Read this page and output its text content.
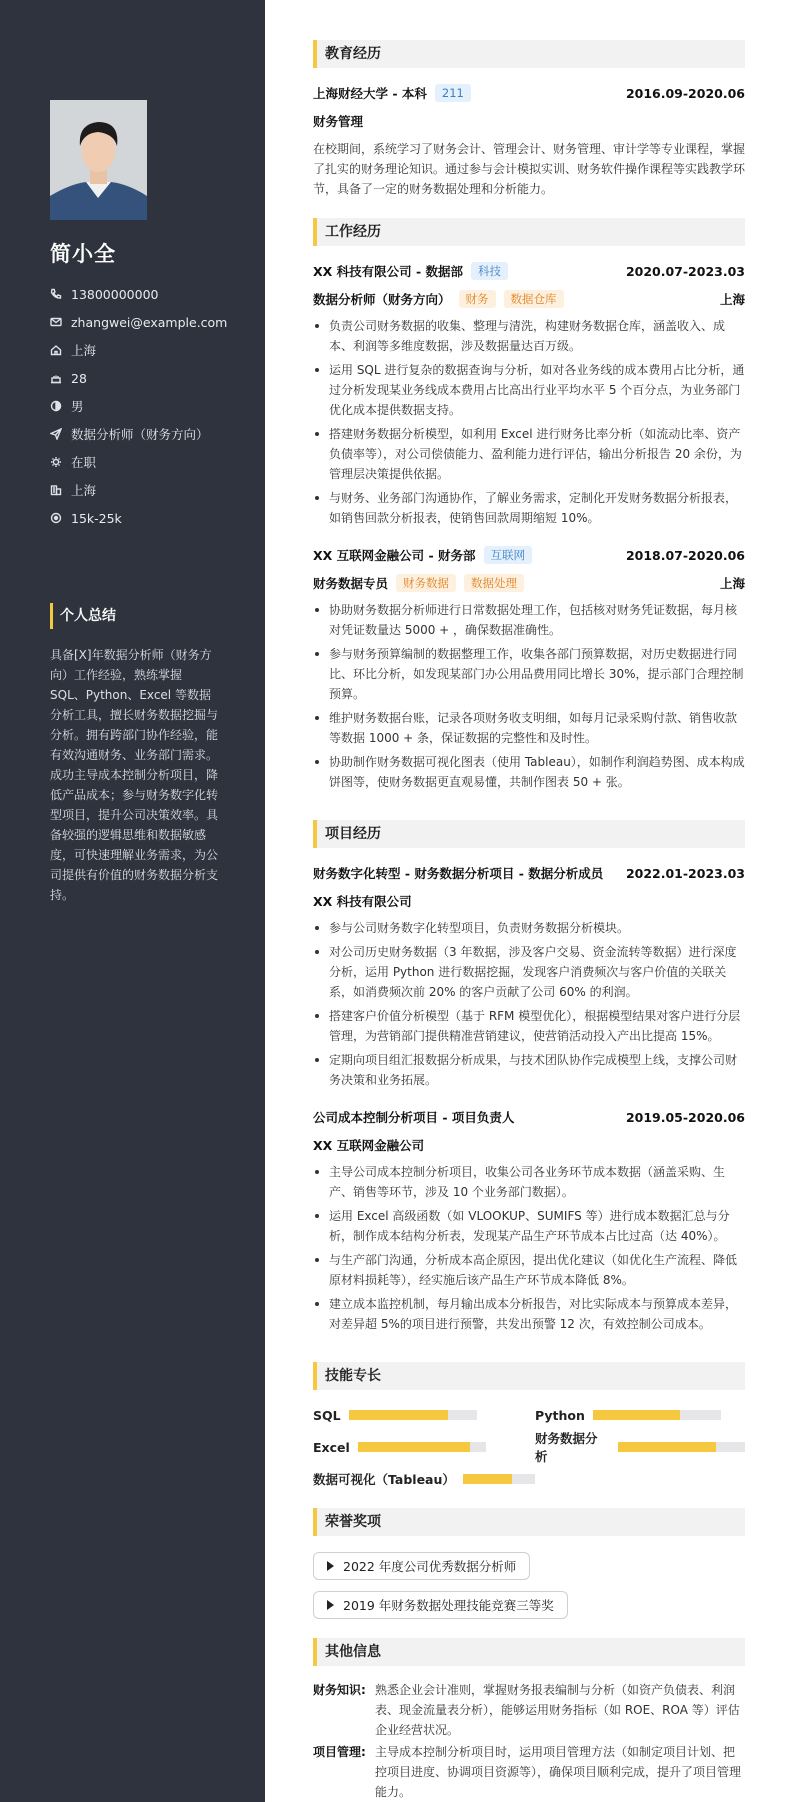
简小全
13800000000
zhangwei@example.com
上海
28
男
数据分析师（财务方向）
在职
上海
15k-25k
个人总结
具备[X]年数据分析师（财务方向）工作经验，熟练掌握 SQL、Python、Excel 等数据分析工具，擅长财务数据挖掘与分析。拥有跨部门协作经验，能有效沟通财务、业务部门需求。成功主导成本控制分析项目，降低产品成本；参与财务数字化转型项目，提升公司决策效率。具备较强的逻辑思维和数据敏感度，可快速理解业务需求，为公司提供有价值的财务数据分析支持。
教育经历
上海财经大学 - 本科	211	2016.09-2020.06
财务管理
在校期间，系统学习了财务会计、管理会计、财务管理、审计学等专业课程，掌握了扎实的财务理论知识。通过参与会计模拟实训、财务软件操作课程等实践教学环节，具备了一定的财务数据处理和分析能力。
工作经历
XX 科技有限公司 - 数据部	科技	2020.07-2023.03
数据分析师（财务方向）	财务	数据仓库	上海
负责公司财务数据的收集、整理与清洗，构建财务数据仓库，涵盖收入、成本、利润等多维度数据，涉及数据量达百万级。
运用 SQL 进行复杂的数据查询与分析，如对各业务线的成本费用占比分析，通过分析发现某业务线成本费用占比高出行业平均水平 5 个百分点，为业务部门优化成本提供数据支持。
搭建财务数据分析模型，如利用 Excel 进行财务比率分析（如流动比率、资产负债率等），对公司偿债能力、盈利能力进行评估，输出分析报告 20 余份，为管理层决策提供依据。
与财务、业务部门沟通协作，了解业务需求，定制化开发财务数据分析报表，如销售回款分析报表，使销售回款周期缩短 10%。
XX 互联网金融公司 - 财务部	互联网	2018.07-2020.06
财务数据专员	财务数据	数据处理	上海
协助财务数据分析师进行日常数据处理工作，包括核对财务凭证数据，每月核对凭证数量达 5000 + ，确保数据准确性。
参与财务预算编制的数据整理工作，收集各部门预算数据，对历史数据进行同比、环比分析，如发现某部门办公用品费用同比增长 30%，提示部门合理控制预算。
维护财务数据台账，记录各项财务收支明细，如每月记录采购付款、销售收款等数据 1000 + 条，保证数据的完整性和及时性。
协助制作财务数据可视化图表（使用 Tableau），如制作利润趋势图、成本构成饼图等，使财务数据更直观易懂，共制作图表 50 + 张。
项目经历
财务数字化转型 - 财务数据分析项目 - 数据分析成员 2022.01-2023.03
XX 科技有限公司
参与公司财务数字化转型项目，负责财务数据分析模块。
对公司历史财务数据（3 年数据，涉及客户交易、资金流转等数据）进行深度分析，运用 Python 进行数据挖掘，发现客户消费频次与客户价值的关联关系，如消费频次前 20% 的客户贡献了公司 60% 的利润。
搭建客户价值分析模型（基于 RFM 模型优化），根据模型结果对客户进行分层管理，为营销部门提供精准营销建议，使营销活动投入产出比提高 15%。
定期向项目组汇报数据分析成果，与技术团队协作完成模型上线，支撑公司财务决策和业务拓展。
公司成本控制分析项目 - 项目负责人	2019.05-2020.06
XX 互联网金融公司
主导公司成本控制分析项目，收集公司各业务环节成本数据（涵盖采购、生产、销售等环节，涉及 10 个业务部门数据）。
运用 Excel 高级函数（如 VLOOKUP、SUMIFS 等）进行成本数据汇总与分析，制作成本结构分析表，发现某产品生产环节成本占比过高（达 40%）。
与生产部门沟通，分析成本高企原因，提出优化建议（如优化生产流程、降低原材料损耗等），经实施后该产品生产环节成本降低 8%。
建立成本监控机制，每月输出成本分析报告，对比实际成本与预算成本差异，对差异超 5%的项目进行预警，共发出预警 12 次，有效控制公司成本。
技能专长
SQL	Python
Excel
财务数据分析
数据可视化（Tableau）
荣誉奖项
2022 年度公司优秀数据分析师
2019 年财务数据处理技能竞赛三等奖
其他信息
财务知识: 熟悉企业会计准则，掌握财务报表编制与分析（如资产负债表、利润表、现金流量表分析），能够运用财务指标（如 ROE、ROA 等）评估企业经营状况。
项目管理: 主导成本控制分析项目时，运用项目管理方法（如制定项目计划、把控项目进度、协调项目资源等），确保项目顺利完成，提升了项目管理能力。
